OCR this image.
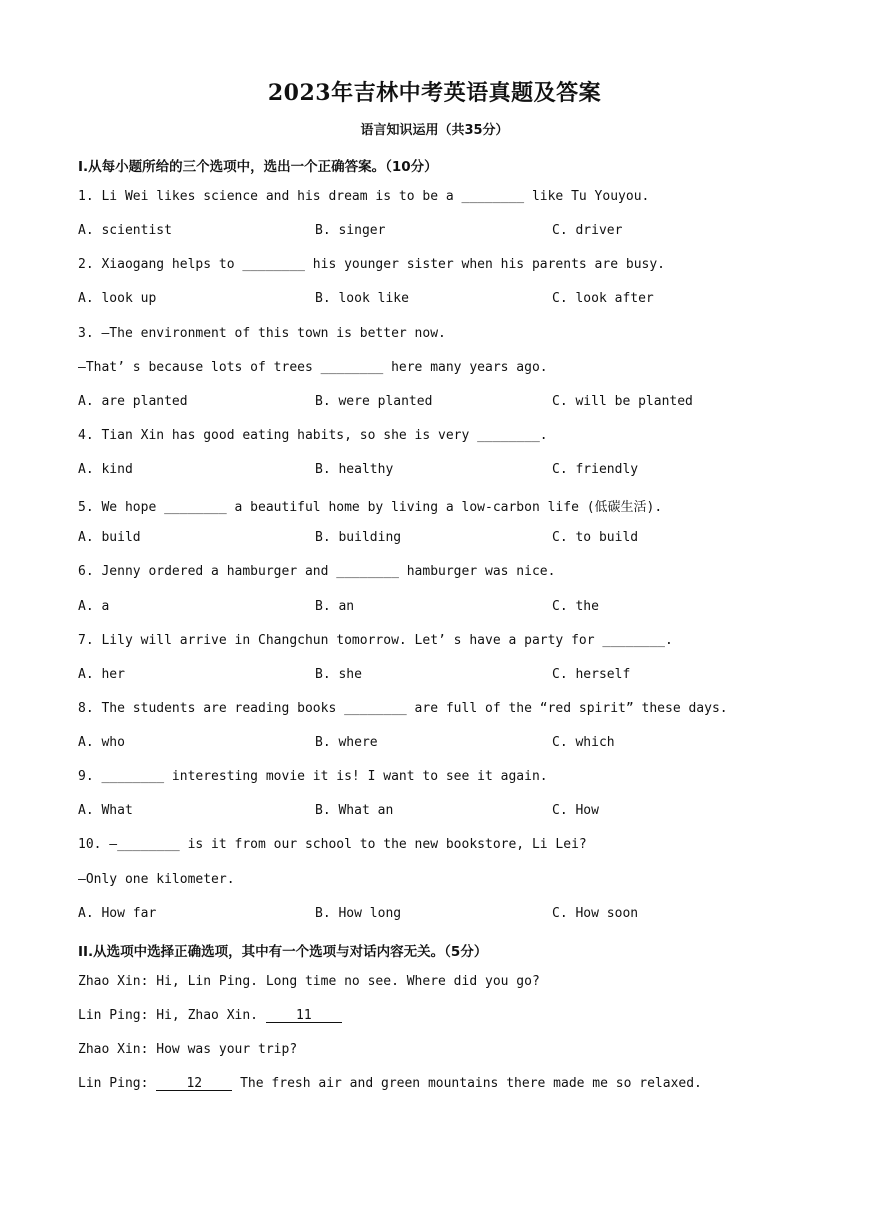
2023年吉林中考英语真题及答案
语言知识运用（共35分）
I.从每小题所给的三个选项中，选出一个正确答案。（10分）
1. Li Wei likes science and his dream is to be a ________ like Tu Youyou.
A. scientist	B. singer	C. driver
2. Xiaogang helps to ________ his younger sister when his parents are busy.
A. look up	B. look like	C. look after
3. —The environment of this town is better now.
—That’ s because lots of trees ________ here many years ago.
A. are planted	B. were planted	C. will be planted
4. Tian Xin has good eating habits, so she is very ________.
A. kind	B. healthy	C. friendly
5. We hope ________ a beautiful home by living a low-carbon life (低碳生活).
A. build	B. building	C. to build
6. Jenny ordered a hamburger and ________ hamburger was nice.
A. a	B. an	C. the
7. Lily will arrive in Changchun tomorrow. Let’ s have a party for ________.
A. her	B. she	C. herself
8. The students are reading books ________ are full of the “red spirit” these days.
A. who	B. where	C. which
9. ________ interesting movie it is! I want to see it again.
A. What	B. What an	C. How
10. —________ is it from our school to the new bookstore, Li Lei?
—Only one kilometer.
A. How far	B. How long	C. How soon
II.从选项中选择正确选项，其中有一个选项与对话内容无关。（5分）
Zhao Xin: Hi, Lin Ping. Long time no see. Where did you go?
Lin Ping: Hi, Zhao Xin. 11
Zhao Xin: How was your trip?
Lin Ping: 12 The fresh air and green mountains there made me so relaxed.
